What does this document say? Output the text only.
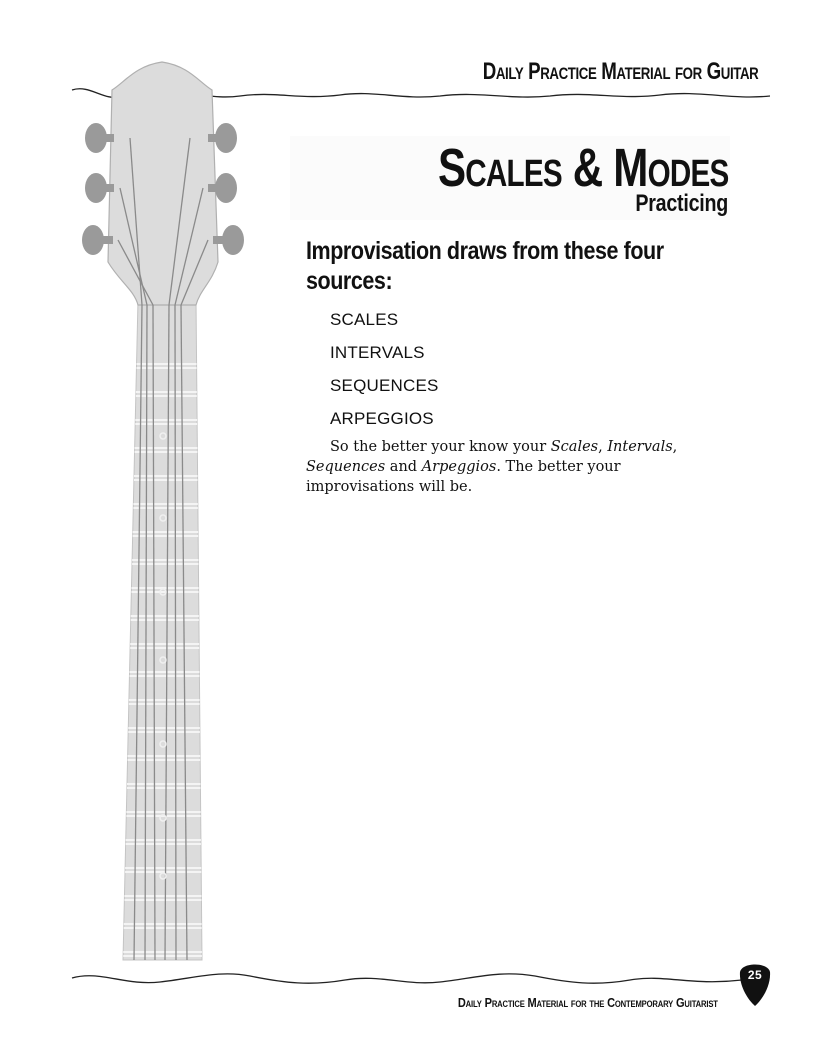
Daily Practice Material for Guitar
Scales & Modes
Practicing
Improvisation draws from these four sources:
SCALES
INTERVALS
SEQUENCES
ARPEGGIOS

So the better your know your Scales, Intervals, Sequences and Arpeggios. The better your improvisations will be.

25
Daily Practice Material for the Contemporary Guitarist
